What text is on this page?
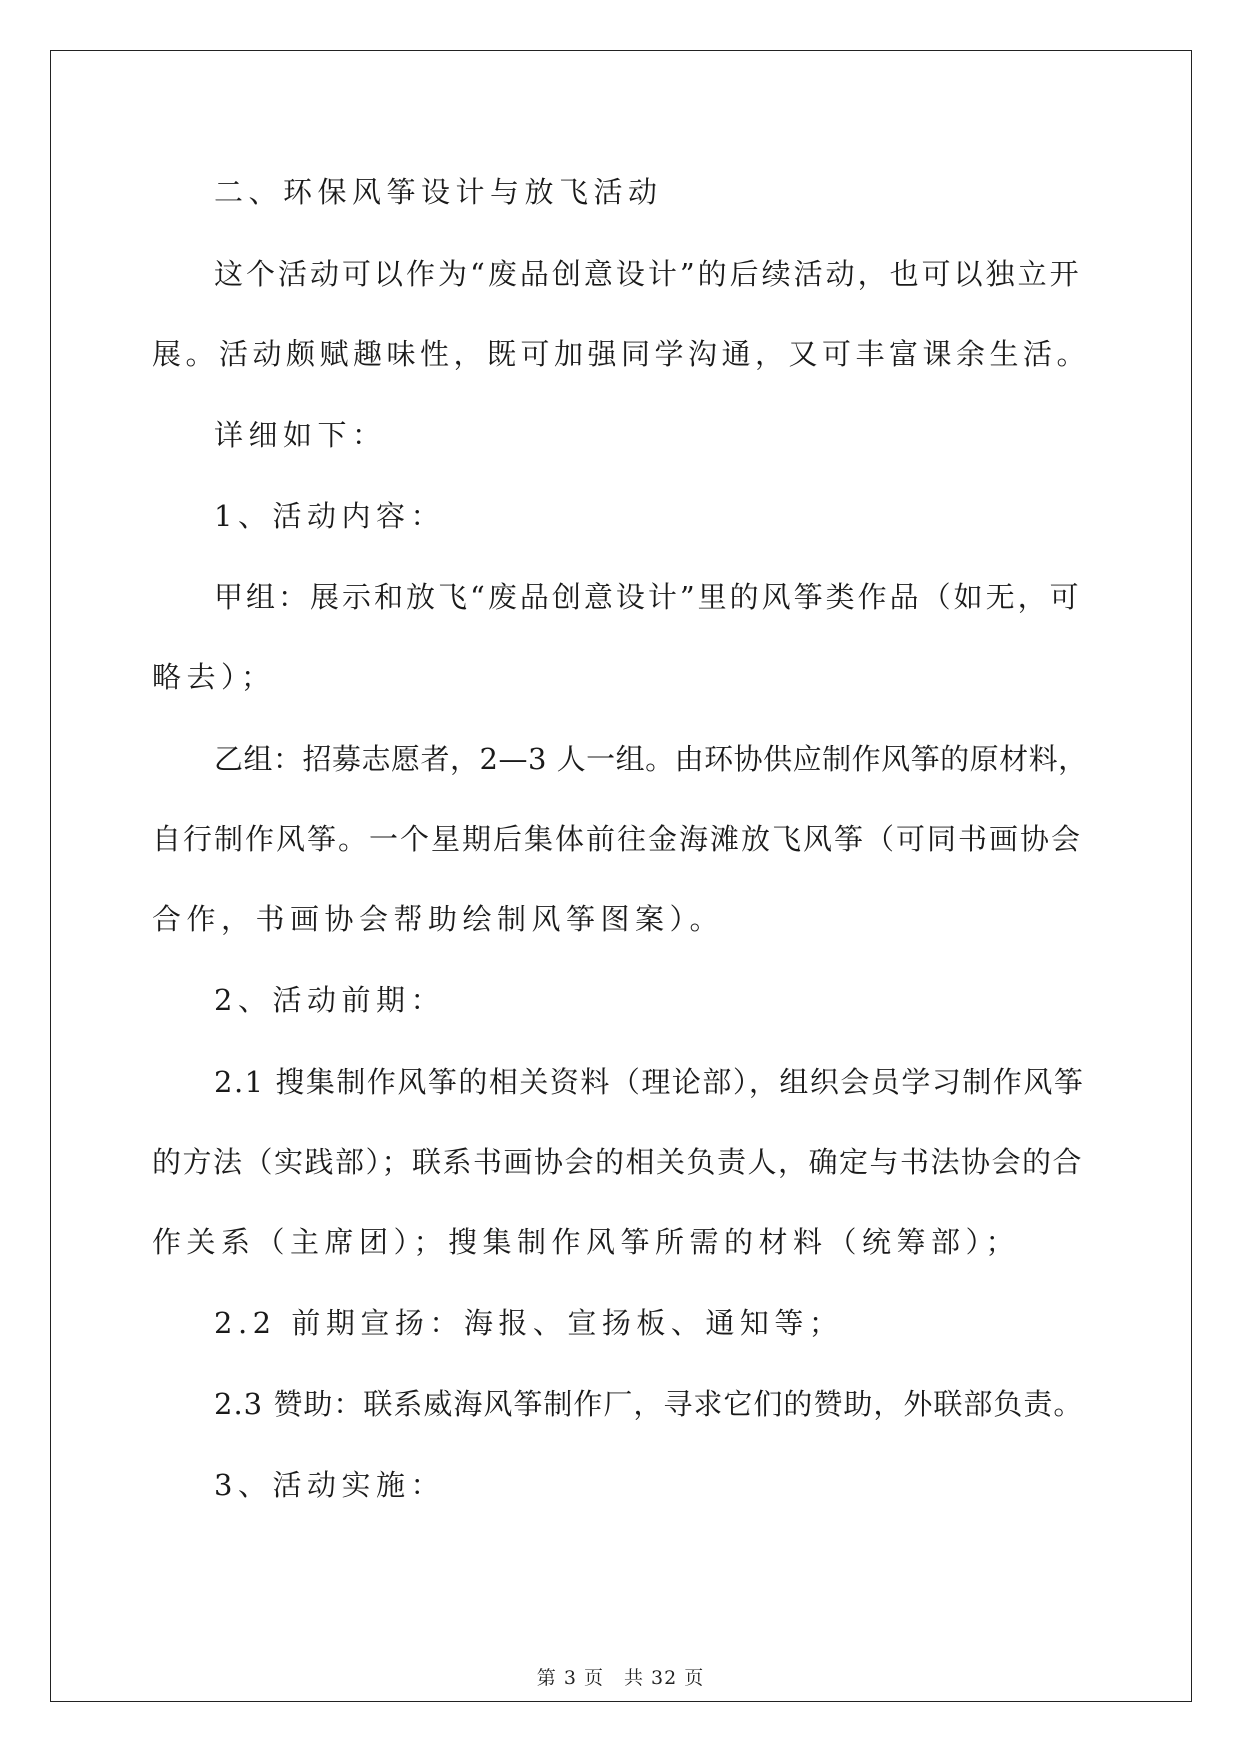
二、环保风筝设计与放飞活动
这个活动可以作为“废品创意设计”的后续活动，也可以独立开
展。活动颇赋趣味性，既可加强同学沟通，又可丰富课余生活。
详细如下：
1、活动内容：
甲组：展示和放飞“废品创意设计”里的风筝类作品（如无，可
略去）；
乙组：招募志愿者，2—3 人一组。由环协供应制作风筝的原材料，
自行制作风筝。一个星期后集体前往金海滩放飞风筝（可同书画协会
合作，书画协会帮助绘制风筝图案）。
2、活动前期：
2.1 搜集制作风筝的相关资料（理论部），组织会员学习制作风筝
的方法（实践部）；联系书画协会的相关负责人，确定与书法协会的合
作关系（主席团）；搜集制作风筝所需的材料（统筹部）；
2.2 前期宣扬：海报、宣扬板、通知等；
2.3 赞助：联系威海风筝制作厂，寻求它们的赞助，外联部负责。
3、活动实施：
第 3 页 共 32 页
